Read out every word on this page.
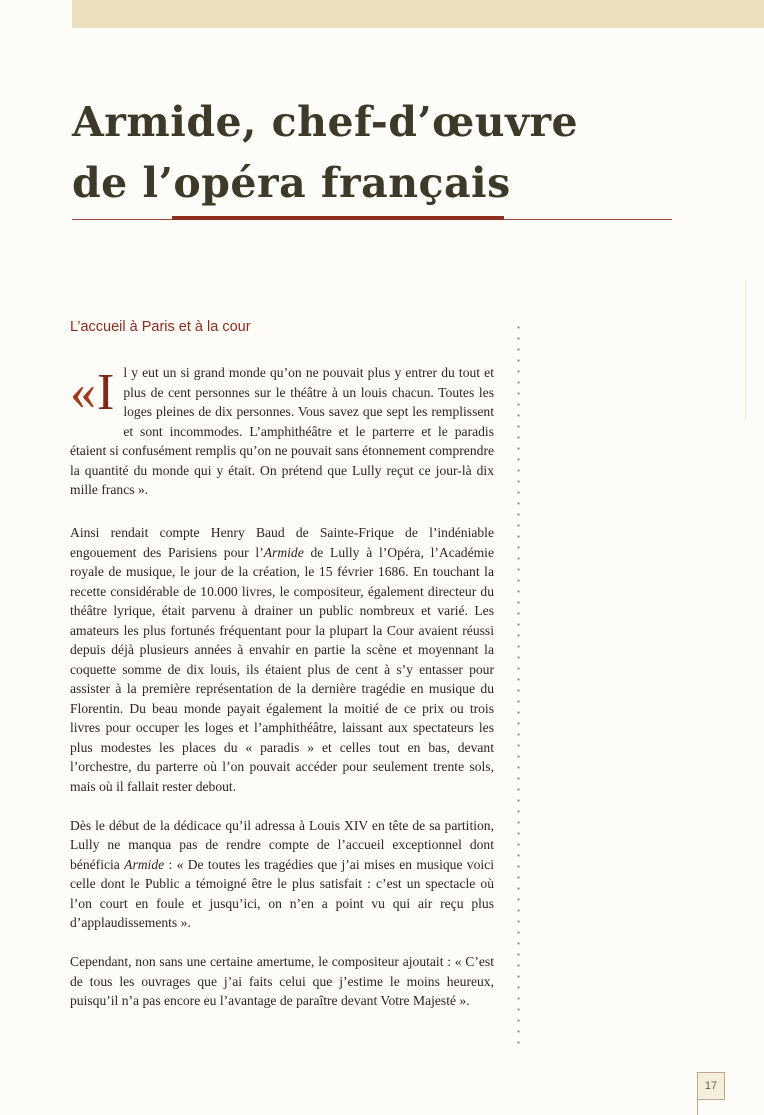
Armide, chef-d’œuvre
de l’opéra français
L’accueil à Paris et à la cour
«I l y eut un si grand monde qu’on ne pouvait plus y entrer du tout et plus de cent personnes sur le théâtre à un louis chacun. Toutes les loges pleines de dix personnes. Vous savez que sept les remplissent et sont incommodes. L’amphithéâtre et le parterre et le paradis étaient si confusément remplis qu’on ne pouvait sans étonnement comprendre la quantité du monde qui y était. On prétend que Lully reçut ce jour-là dix mille francs ».

Ainsi rendait compte Henry Baud de Sainte-Frique de l’indéniable engouement des Parisiens pour l’Armide de Lully à l’Opéra, l’Académie royale de musique, le jour de la création, le 15 février 1686. En touchant la recette considérable de 10.000 livres, le compositeur, également directeur du théâtre lyrique, était parvenu à drainer un public nombreux et varié. Les amateurs les plus fortunés fréquentant pour la plupart la Cour avaient réussi depuis déjà plusieurs années à envahir en partie la scène et moyennant la coquette somme de dix louis, ils étaient plus de cent à s’y entasser pour assister à la première représentation de la dernière tragédie en musique du Florentin. Du beau monde payait également la moitié de ce prix ou trois livres pour occuper les loges et l’amphithéâtre, laissant aux spectateurs les plus modestes les places du « paradis » et celles tout en bas, devant l’orchestre, du parterre où l’on pouvait accéder pour seulement trente sols, mais où il fallait rester debout.

Dès le début de la dédicace qu’il adressa à Louis XIV en tête de sa partition, Lully ne manqua pas de rendre compte de l’accueil exceptionnel dont bénéficia Armide : « De toutes les tragédies que j’ai mises en musique voici celle dont le Public a témoigné être le plus satisfait : c’est un spectacle où l’on court en foule et jusqu’ici, on n’en a point vu qui air reçu plus d’applaudissements ».

Cependant, non sans une certaine amertume, le compositeur ajoutait : « C’est de tous les ouvrages que j’ai faits celui que j’estime le moins heureux, puisqu’il n’a pas encore eu l’avantage de paraître devant Votre Majesté ».

17
